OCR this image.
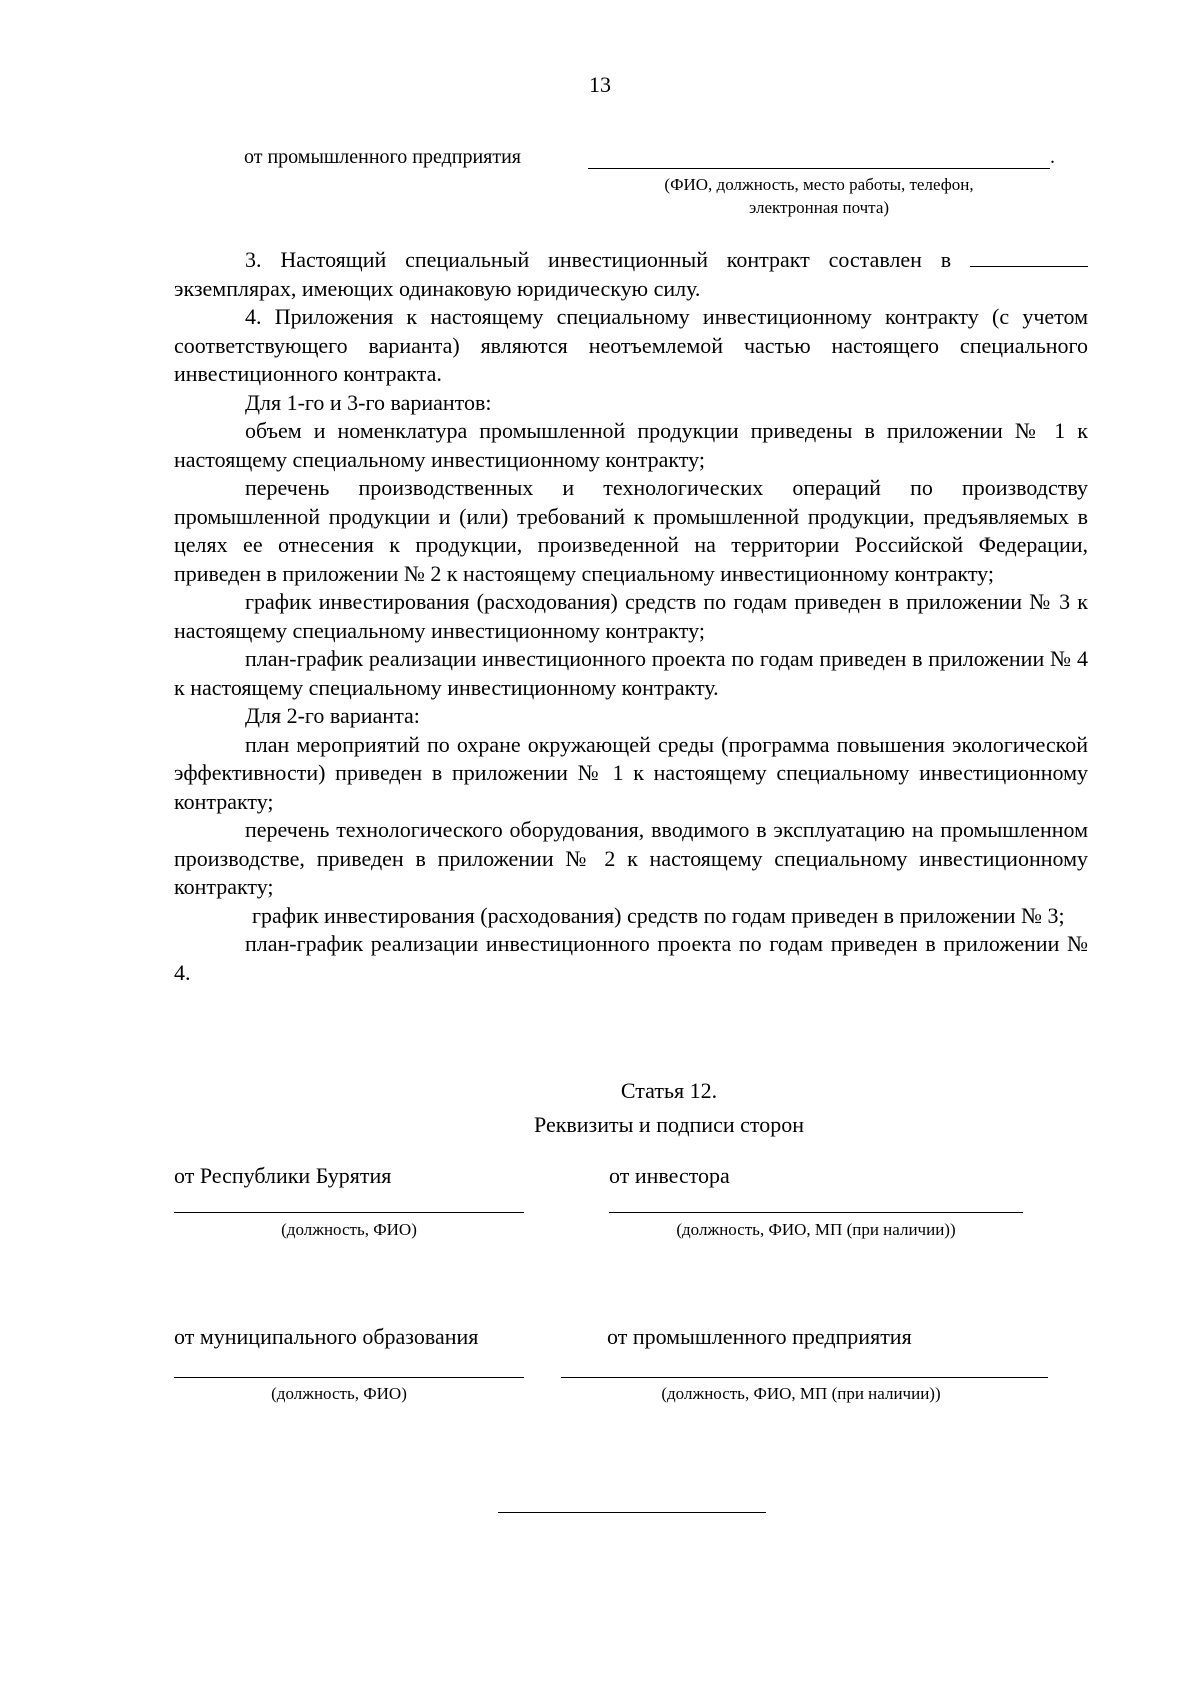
13
от промышленного предприятия	.
(ФИО, должность, место работы, телефон,
электронная почта)

3. Настоящий специальный инвестиционный контракт составлен в  экземплярах, имеющих одинаковую юридическую силу.

4. Приложения к настоящему специальному инвестиционному контракту (с учетом соответствующего варианта) являются неотъемлемой частью настоящего специального инвестиционного контракта.

Для 1-го и 3-го вариантов:

объем и номенклатура промышленной продукции приведены в приложении № 1 к настоящему специальному инвестиционному контракту;

перечень производственных и технологических операций по производству промышленной продукции и (или) требований к промышленной продукции, предъявляемых в целях ее отнесения к продукции, произведенной на территории Российской Федерации, приведен в приложении № 2 к настоящему специальному инвестиционному контракту;

график инвестирования (расходования) средств по годам приведен в приложении № 3 к настоящему специальному инвестиционному контракту;

план-график реализации инвестиционного проекта по годам приведен в приложении № 4 к настоящему специальному инвестиционному контракту.

Для 2-го варианта:

план мероприятий по охране окружающей среды (программа повышения экологической эффективности) приведен в приложении № 1 к настоящему специальному инвестиционному контракту;

перечень технологического оборудования, вводимого в эксплуатацию на промышленном производстве, приведен в приложении № 2 к настоящему специальному инвестиционному контракту;

график инвестирования (расходования) средств по годам приведен в приложении № 3;

план-график реализации инвестиционного проекта по годам приведен в приложении № 4.

Статья 12.
Реквизиты и подписи сторон
от Республики Бурятия
(должность, ФИО)
от инвестора
(должность, ФИО, МП (при наличии))
от муниципального образования
(должность, ФИО)
от промышленного предприятия
(должность, ФИО, МП (при наличии))
